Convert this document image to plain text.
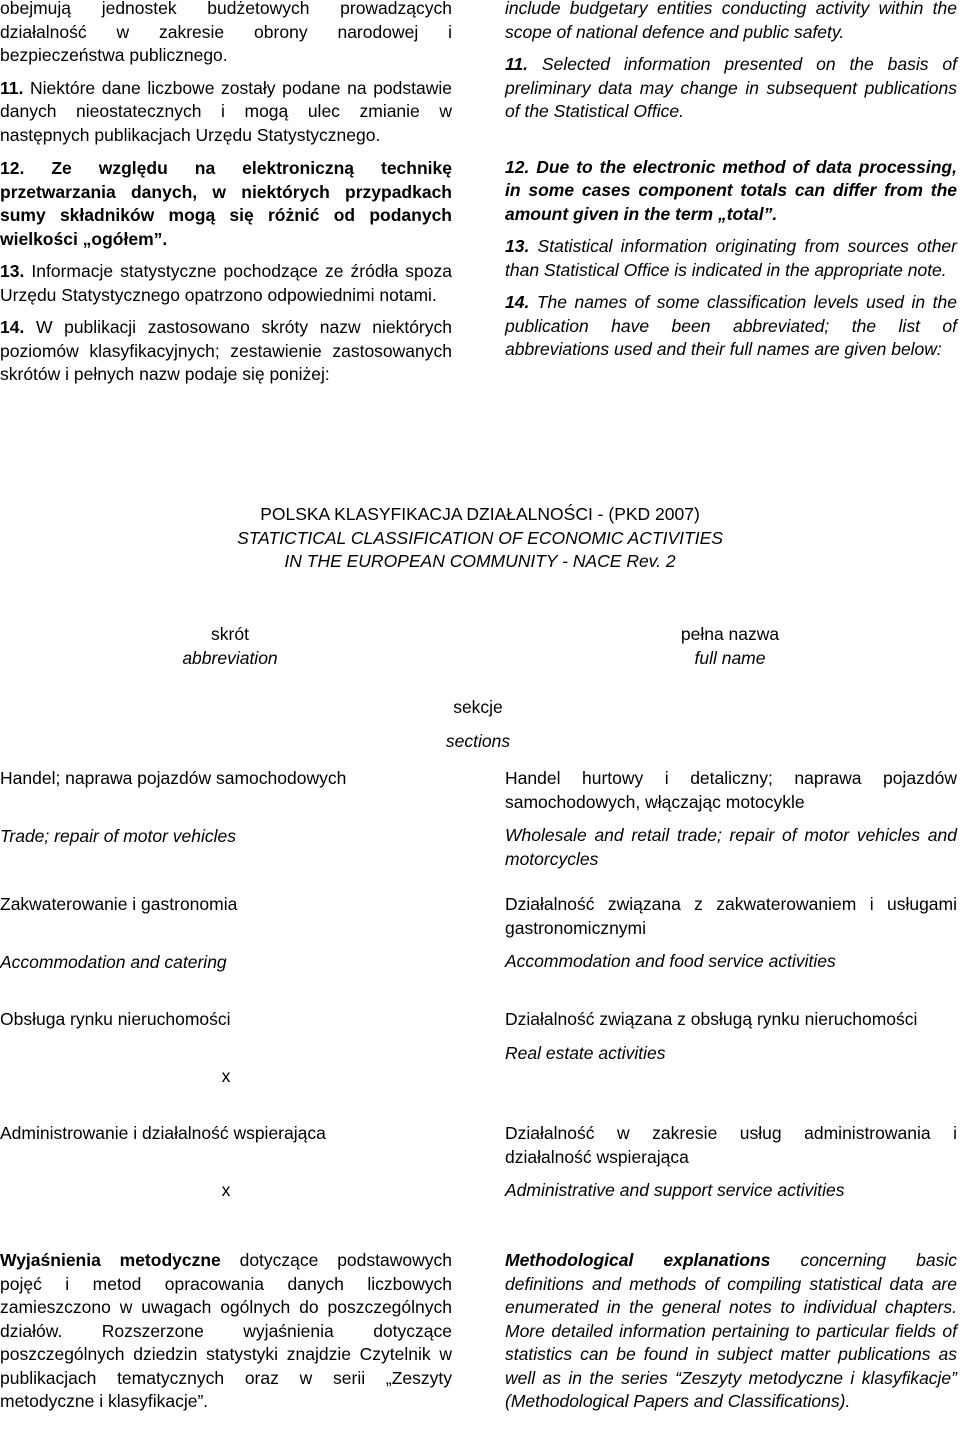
obejmują jednostek budżetowych prowadzących działalność w zakresie obrony narodowej i bezpieczeństwa publicznego.

11. Niektóre dane liczbowe zostały podane na podstawie danych nieostatecznych i mogą ulec zmianie w następnych publikacjach Urzędu Statystycznego.

12. Ze względu na elektroniczną technikę przetwarzania danych, w niektórych przypadkach sumy składników mogą się różnić od podanych wielkości „ogółem”.

13. Informacje statystyczne pochodzące ze źródła spoza Urzędu Statystycznego opatrzono odpowiednimi notami.

14. W publikacji zastosowano skróty nazw niektórych poziomów klasyfikacyjnych; zestawienie zastosowanych skrótów i pełnych nazw podaje się poniżej:

include budgetary entities conducting activity within the scope of national defence and public safety.

11. Selected information presented on the basis of preliminary data may change in subsequent publications of the Statistical Office.

12. Due to the electronic method of data processing, in some cases component totals can differ from the amount given in the term „total”.

13. Statistical information originating from sources other than Statistical Office is indicated in the appropriate note.

14. The names of some classification levels used in the publication have been abbreviated; the list of abbreviations used and their full names are given below:

POLSKA KLASYFIKACJA DZIAŁALNOŚCI - (PKD 2007)
STATICTICAL CLASSIFICATION OF ECONOMIC ACTIVITIES
IN THE EUROPEAN COMMUNITY - NACE Rev. 2
skrót
abbreviation
pełna nazwa
full name
sekcje
sections
Handel; naprawa pojazdów samochodowych
Trade; repair of motor vehicles
Handel hurtowy i detaliczny; naprawa pojazdów samochodowych, włączając motocykle
Wholesale and retail trade; repair of motor vehicles and motorcycles
Zakwaterowanie i gastronomia
Accommodation and catering
Działalność związana z zakwaterowaniem i usługami gastronomicznymi
Accommodation and food service activities
Obsługa rynku nieruchomości
x
Działalność związana z obsługą rynku nieruchomości
Real estate activities
Administrowanie i działalność wspierająca
x
Działalność w zakresie usług administrowania i działalność wspierająca
Administrative and support service activities

Wyjaśnienia metodyczne dotyczące podstawowych pojęć i metod opracowania danych liczbowych zamieszczono w uwagach ogólnych do poszczególnych działów. Rozszerzone wyjaśnienia dotyczące poszczególnych dziedzin statystyki znajdzie Czytelnik w publikacjach tematycznych oraz w serii „Zeszyty metodyczne i klasyfikacje”.

Methodological explanations concerning basic definitions and methods of compiling statistical data are enumerated in the general notes to individual chapters. More detailed information pertaining to particular fields of statistics can be found in subject matter publications as well as in the series “Zeszyty metodyczne i klasyfikacje” (Methodological Papers and Classifications).
